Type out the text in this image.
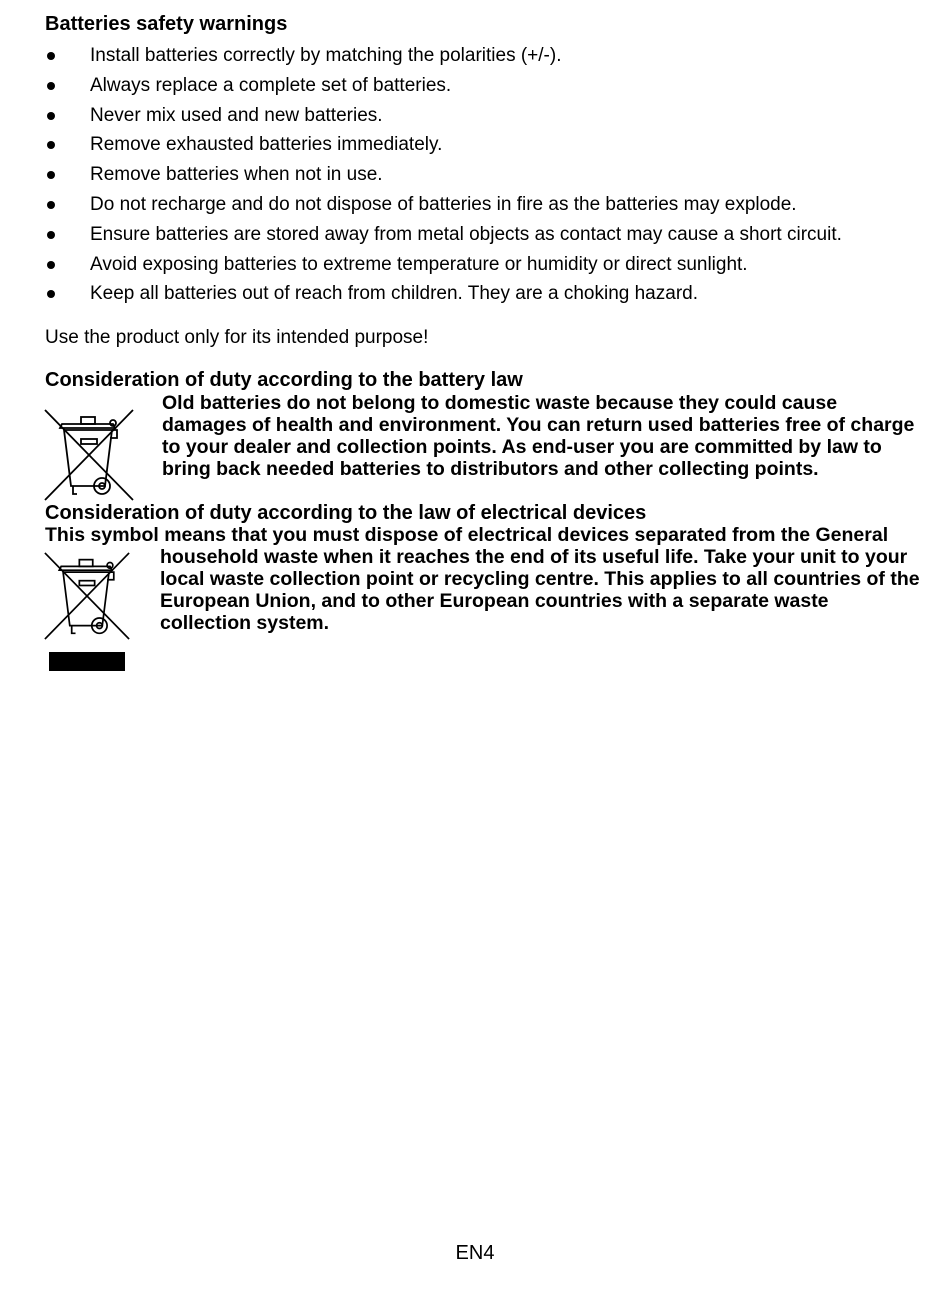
Batteries safety warnings
Install batteries correctly by matching the polarities (+/-).
Always replace a complete set of batteries.
Never mix used and new batteries.
Remove exhausted batteries immediately.
Remove batteries when not in use.
Do not recharge and do not dispose of batteries in fire as the batteries may explode.
Ensure batteries are stored away from metal objects as contact may cause a short circuit.
Avoid exposing batteries to extreme temperature or humidity or direct sunlight.
Keep all batteries out of reach from children. They are a choking hazard.
Use the product only for its intended purpose!
Consideration of duty according to the battery law
Old batteries do not belong to domestic waste because they could cause damages of health and environment. You can return used batteries free of charge to your dealer and collection points. As end-user you are committed by law to bring back needed batteries to distributors and other collecting points.
Consideration of duty according to the law of electrical devices
This symbol means that you must dispose of electrical devices separated from the General
household waste when it reaches the end of its useful life. Take your unit to your local waste collection point or recycling centre. This applies to all countries of the European Union, and to other European countries with a separate waste collection system.
EN4
